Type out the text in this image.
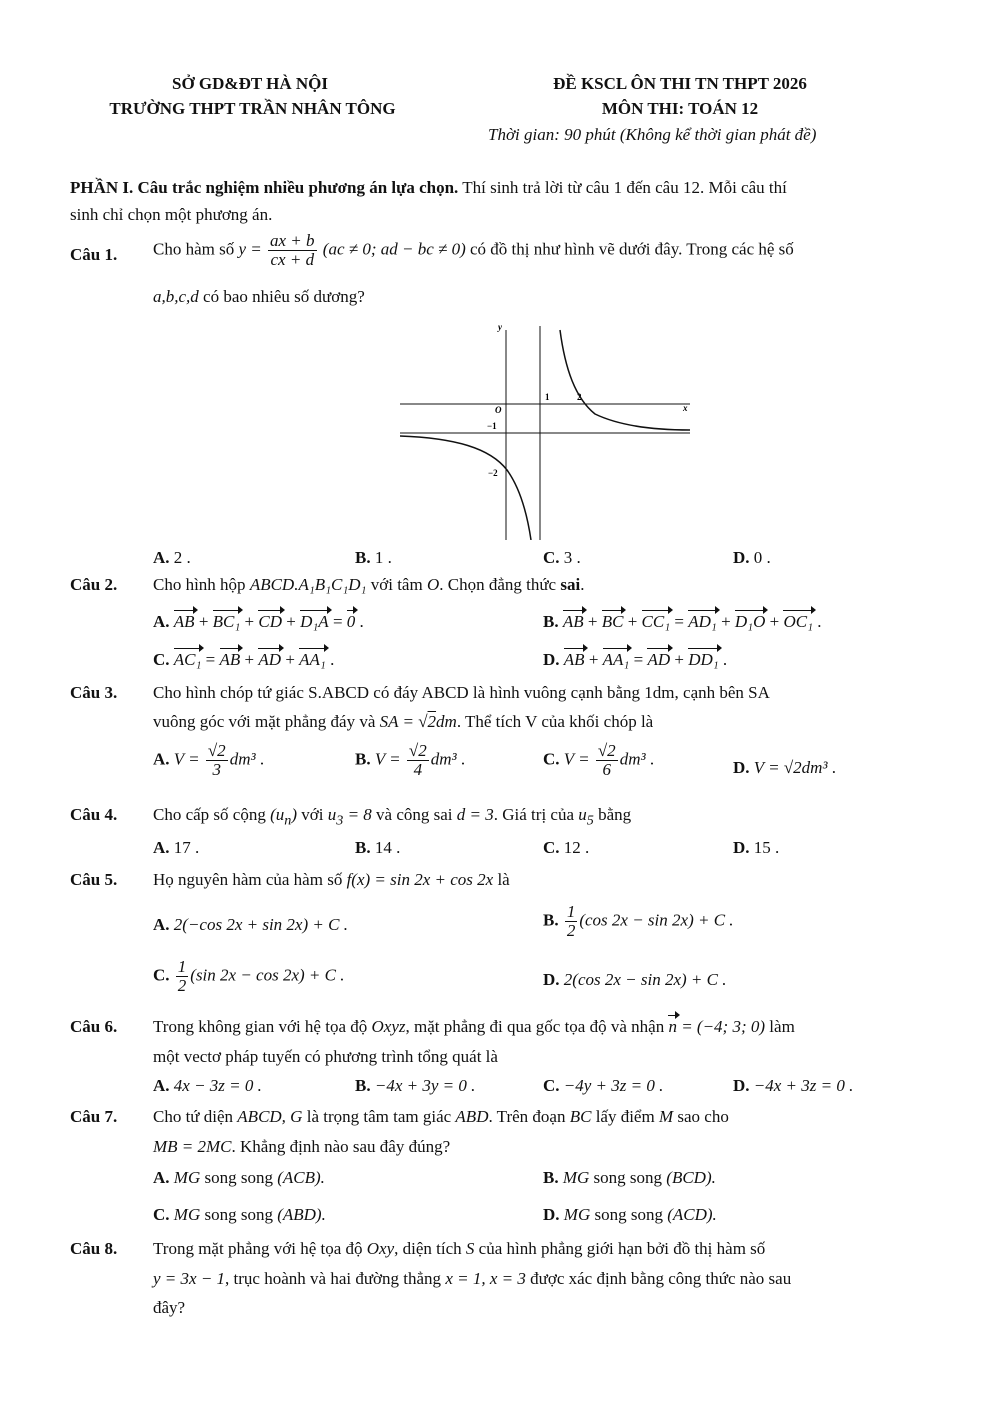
SỞ GD&ĐT HÀ NỘI
TRƯỜNG THPT TRẦN NHÂN TÔNG
ĐỀ KSCL ÔN THI TN THPT 2026
MÔN THI: TOÁN 12
Thời gian: 90 phút (Không kể thời gian phát đề)
PHẦN I. Câu trắc nghiệm nhiều phương án lựa chọn. Thí sinh trả lời từ câu 1 đến câu 12. Mỗi câu thí
sinh chỉ chọn một phương án.
Câu 1. Cho hàm số $y = \frac{ax + b}{cx + d} (ac \ne 0$; ad − bc ≠ 0) có đồ thị như hình vẽ dưới đây. Trong các hệ số
a,b,c,d có bao nhiêu số dương?
y
x
O
1	2
−1
−2
A. 2 .	B. 1 .	C. 3 .	D. 0 .
Câu 2. Cho hình hộp ABCD.A₁B₁C₁D₁ với tâm O. Chọn đẳng thức sai.
A. AB + BC₁ + CD + D₁A = 0 .	B. AB + BC + CC₁ = AD₁ + D₁O + OC₁ .
C. AC₁ = AB + AD + AA₁ .	D. AB + AA₁ = AD + DD₁ .
Câu 3. Cho hình chóp tứ giác S.ABCD có đáy ABCD là hình vuông cạnh bằng 1dm, cạnh bên SA
vuông góc với mặt phẳng đáy và SA = √2dm. Thể tích V của khối chóp là
A. $V = \frac{√2}{3} dm^3$ .	B. $V = \frac{√2}{4} dm^3$ .	C. $V = \frac{√2}{6} dm^3$ .	D. V = √2dm³ .
Câu 4. Cho cấp số cộng $(u_n)$ với $u_3 = 8$ và công sai d = 3. Giá trị của $u_5$ bằng
A. 17 .	B. 14 .	C. 12 .	D. 15 .
Câu 5. Họ nguyên hàm của hàm số f(x) = sin 2x + cos 2x là
A. 2(−cos 2x + sin 2x) + C .	B. $\frac{1}{2} (\cos$ 2x − sin 2x) + C .
C. $\frac{1}{2} (\sin$ 2x − cos 2x) + C .	D. 2(cos 2x − sin 2x) + C .
Câu 6. Trong không gian với hệ tọa độ Oxyz, mặt phẳng đi qua gốc tọa độ và nhận n = (−4; 3; 0) làm
một vectơ pháp tuyến có phương trình tổng quát là
A. 4x − 3z = 0 .	B. −4x + 3y = 0 .	C. −4y + 3z = 0 .	D. −4x + 3z = 0 .
Câu 7. Cho tứ diện ABCD, G là trọng tâm tam giác ABD. Trên đoạn BC lấy điểm M sao cho
MB = 2MC. Khẳng định nào sau đây đúng?
A. MG song song (ACB).	B. MG song song (BCD).
C. MG song song (ABD).	D. MG song song (ACD).
Câu 8. Trong mặt phẳng với hệ tọa độ Oxy, diện tích S của hình phẳng giới hạn bởi đồ thị hàm số
y = 3x − 1, trục hoành và hai đường thẳng x = 1, x = 3 được xác định bằng công thức nào sau
đây?
